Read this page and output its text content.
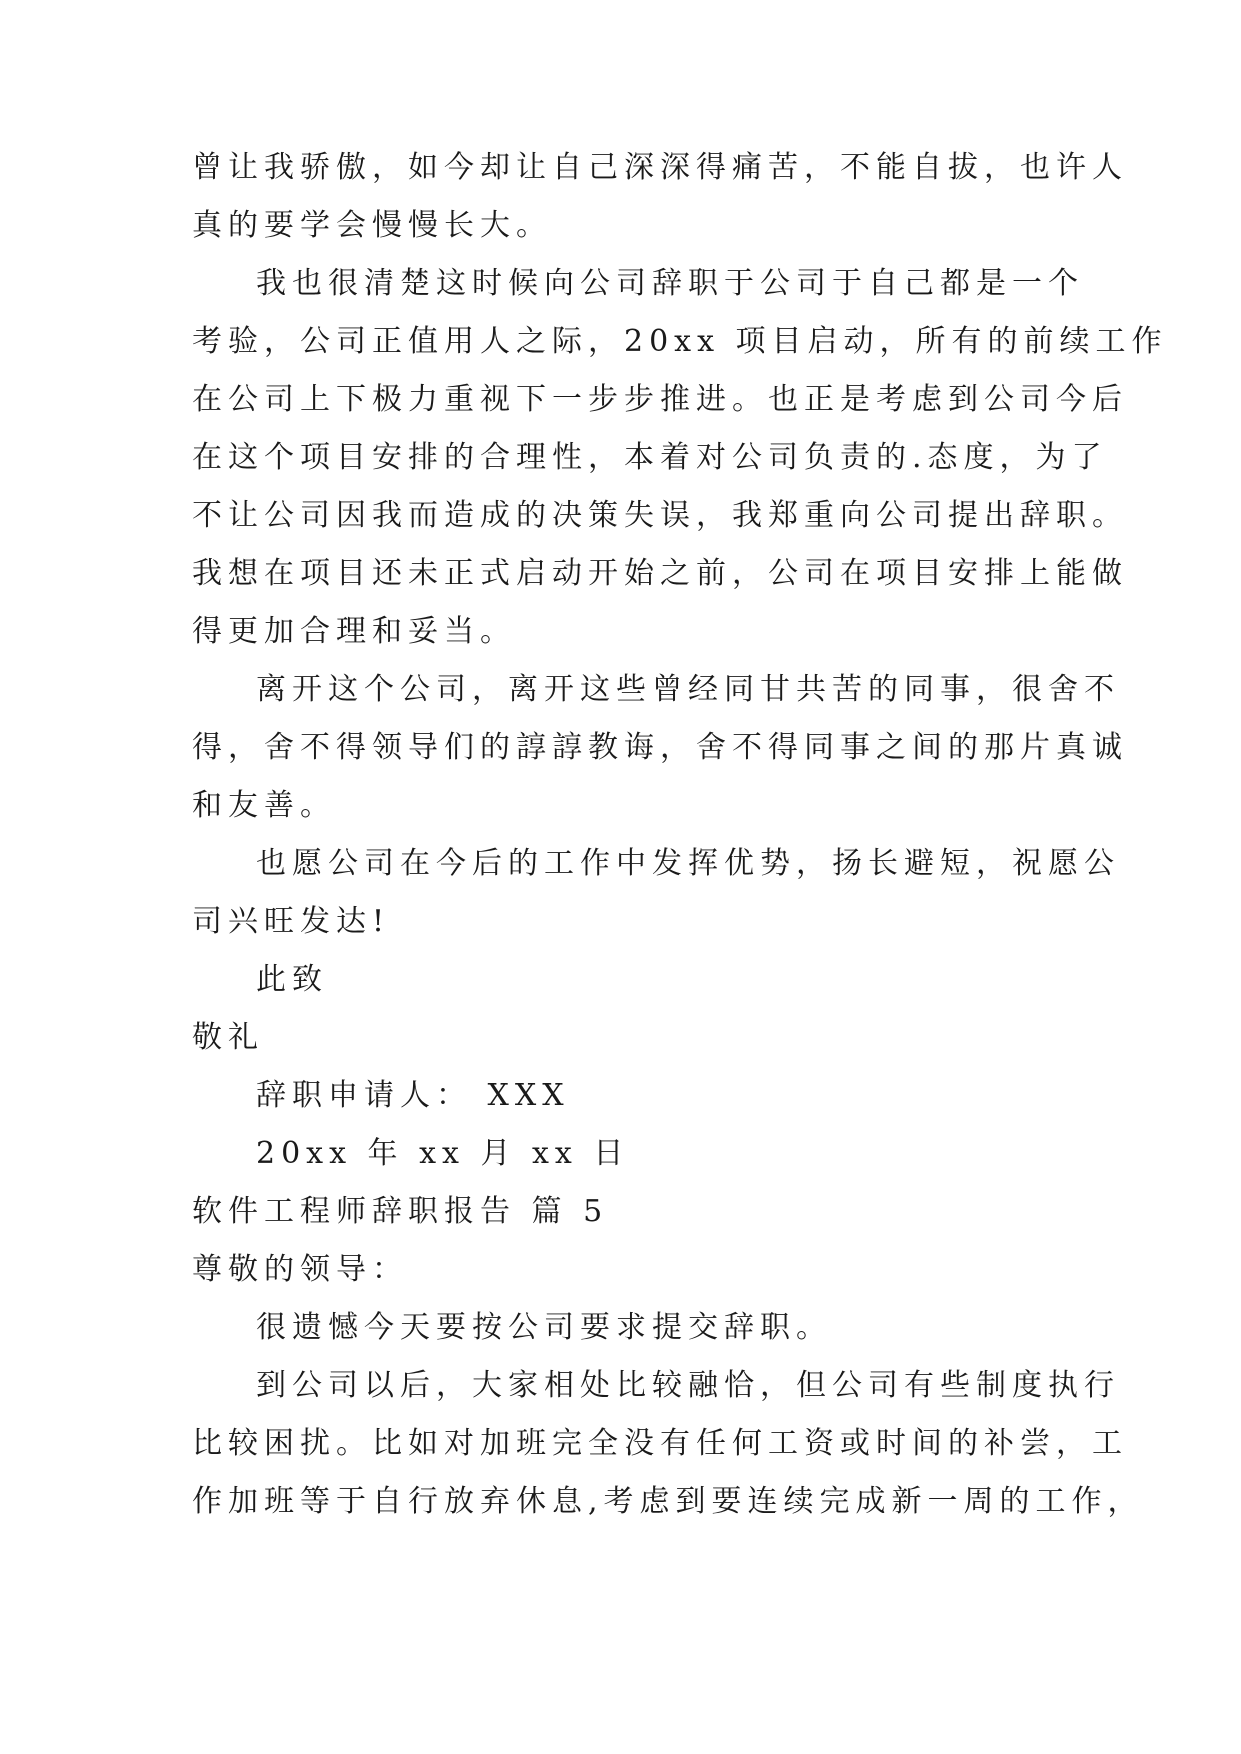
曾让我骄傲，如今却让自己深深得痛苦，不能自拔，也许人
真的要学会慢慢长大。
我也很清楚这时候向公司辞职于公司于自己都是一个
考验，公司正值用人之际，20xx 项目启动，所有的前续工作
在公司上下极力重视下一步步推进。也正是考虑到公司今后
在这个项目安排的合理性，本着对公司负责的.态度，为了
不让公司因我而造成的决策失误，我郑重向公司提出辞职。
我想在项目还未正式启动开始之前，公司在项目安排上能做
得更加合理和妥当。
离开这个公司，离开这些曾经同甘共苦的同事，很舍不
得，舍不得领导们的諄諄教诲，舍不得同事之间的那片真诚
和友善。
也愿公司在今后的工作中发挥优势，扬长避短，祝愿公
司兴旺发达!
此致
敬礼
辞职申请人： XXX
20xx 年 xx 月 xx 日
软件工程师辞职报告 篇 5
尊敬的领导：
很遗憾今天要按公司要求提交辞职。
到公司以后，大家相处比较融恰，但公司有些制度执行
比较困扰。比如对加班完全没有任何工资或时间的补尝，工
作加班等于自行放弃休息,考虑到要连续完成新一周的工作，
